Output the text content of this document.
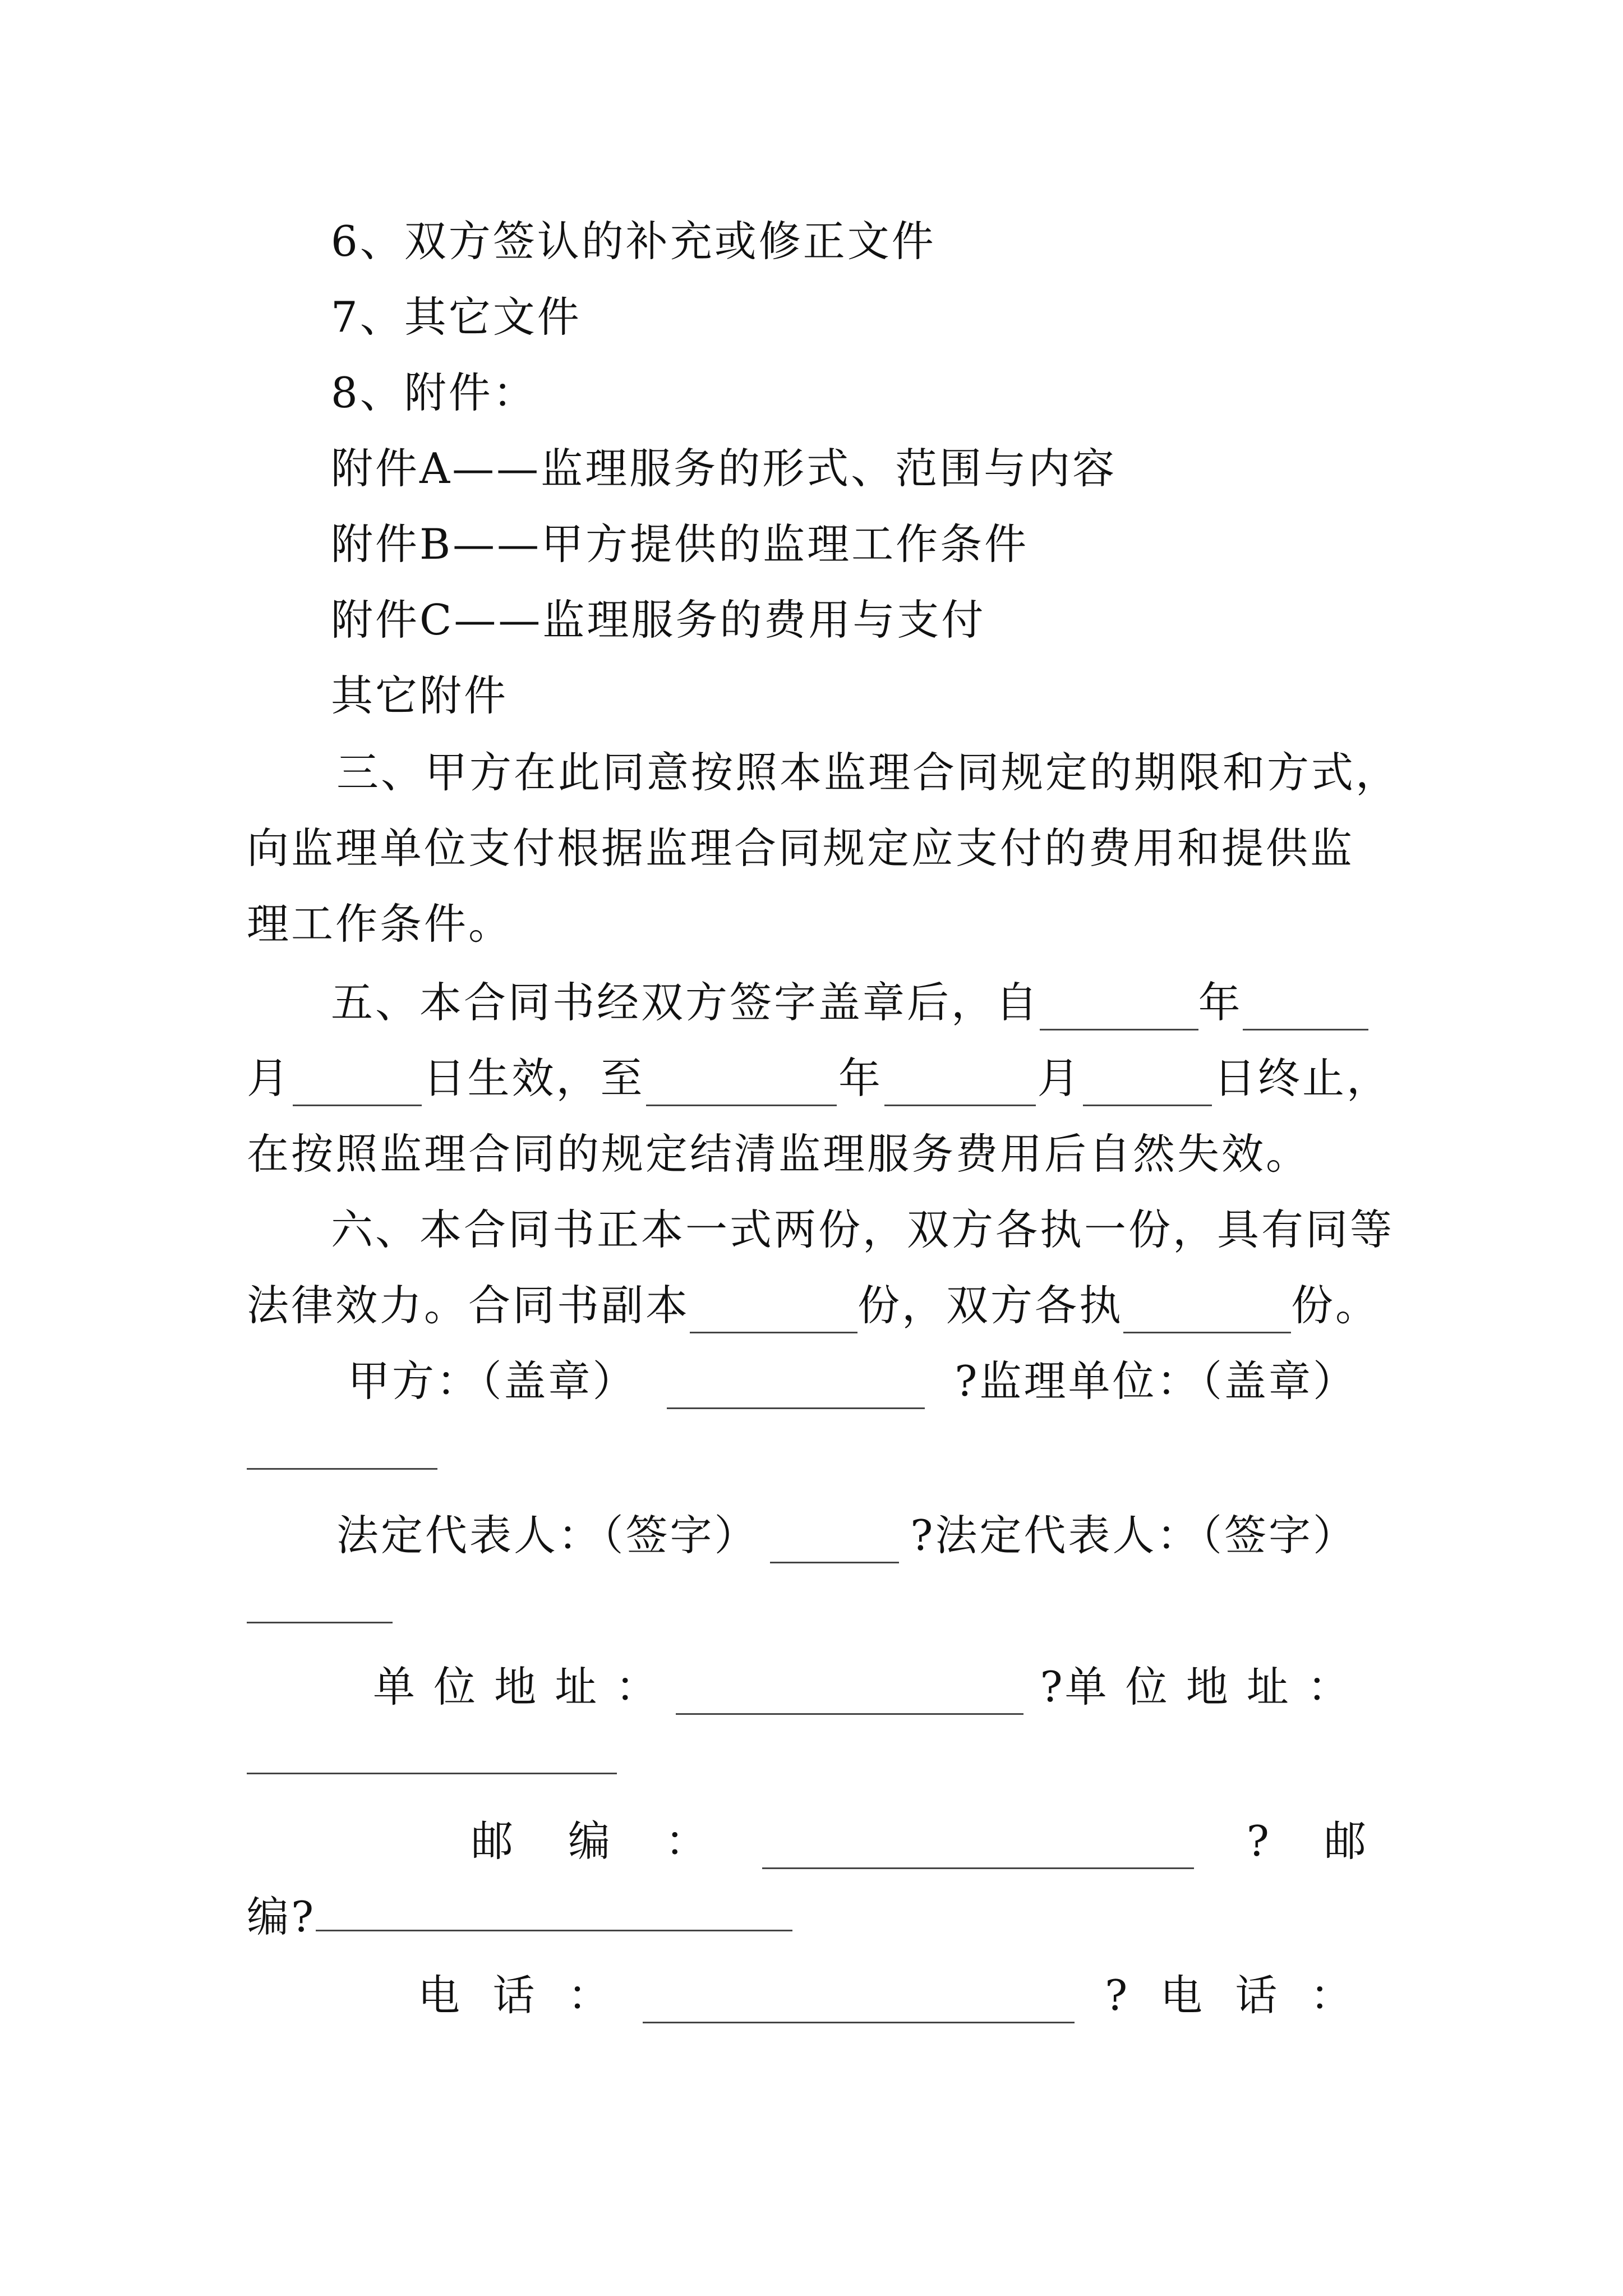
6、双方签认的补充或修正文件
7、其它文件
8、附件：
附件A——监理服务的形式、范围与内容
附件B——甲方提供的监理工作条件
附件C——监理服务的费用与支付
其它附件
三、甲方在此同意按照本监理合同规定的期限和方式，
向监理单位支付根据监理合同规定应支付的费用和提供监
理工作条件。
五、本合同书经双方签字盖章后，自	年
月	日生效，至	年	月	日终止，
在按照监理合同的规定结清监理服务费用后自然失效。
六、本合同书正本一式两份，双方各执一份，具有同等
法律效力。合同书副本	份，双方各执	份。
甲方：（盖章）	?监理单位：（盖章）
法定代表人：（签字）	?法定代表人：（签字）
单 位 地 址 ：	?单 位 地 址 ：
邮 编 ：	? 邮
编?
电 话 ：	? 电 话 ：
